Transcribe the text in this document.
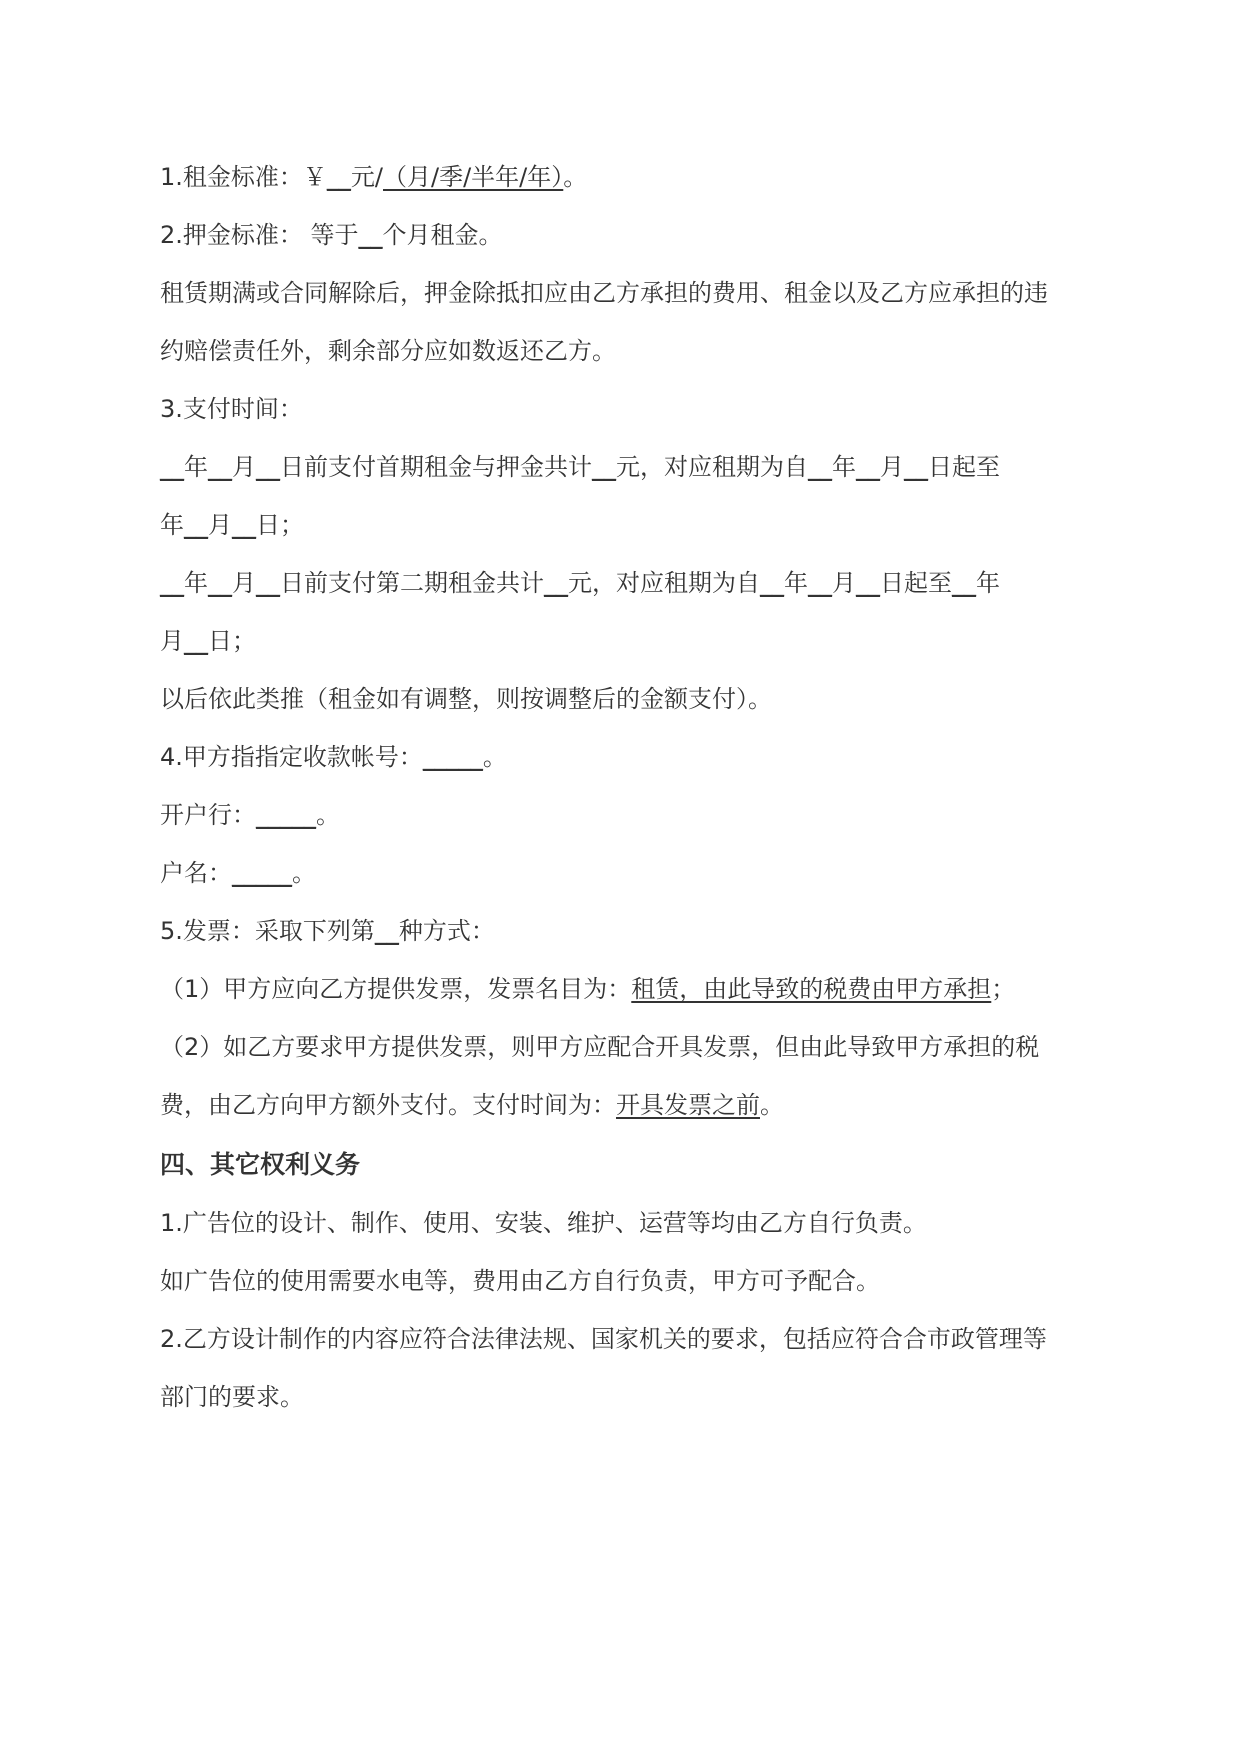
1.租金标准：￥__元/（月/季/半年/年）。
2.押金标准： 等于__个月租金。
租赁期满或合同解除后，押金除抵扣应由乙方承担的费用、租金以及乙方应承担的违
约赔偿责任外，剩余部分应如数返还乙方。
3.支付时间：
__年__月__日前支付首期租金与押金共计__元，对应租期为自__年__月__日起至
年__月__日；
__年__月__日前支付第二期租金共计__元，对应租期为自__年__月__日起至__年
月__日；
以后依此类推（租金如有调整，则按调整后的金额支付）。
4.甲方指指定收款帐号：_____。
开户行：_____。
户名：_____。
5.发票：采取下列第__种方式：
（1）甲方应向乙方提供发票，发票名目为：租赁，由此导致的税费由甲方承担；
（2）如乙方要求甲方提供发票，则甲方应配合开具发票，但由此导致甲方承担的税
费，由乙方向甲方额外支付。支付时间为：开具发票之前。
四、其它权利义务
1.广告位的设计、制作、使用、安装、维护、运营等均由乙方自行负责。
如广告位的使用需要水电等，费用由乙方自行负责，甲方可予配合。
2.乙方设计制作的内容应符合法律法规、国家机关的要求，包括应符合合市政管理等
部门的要求。
